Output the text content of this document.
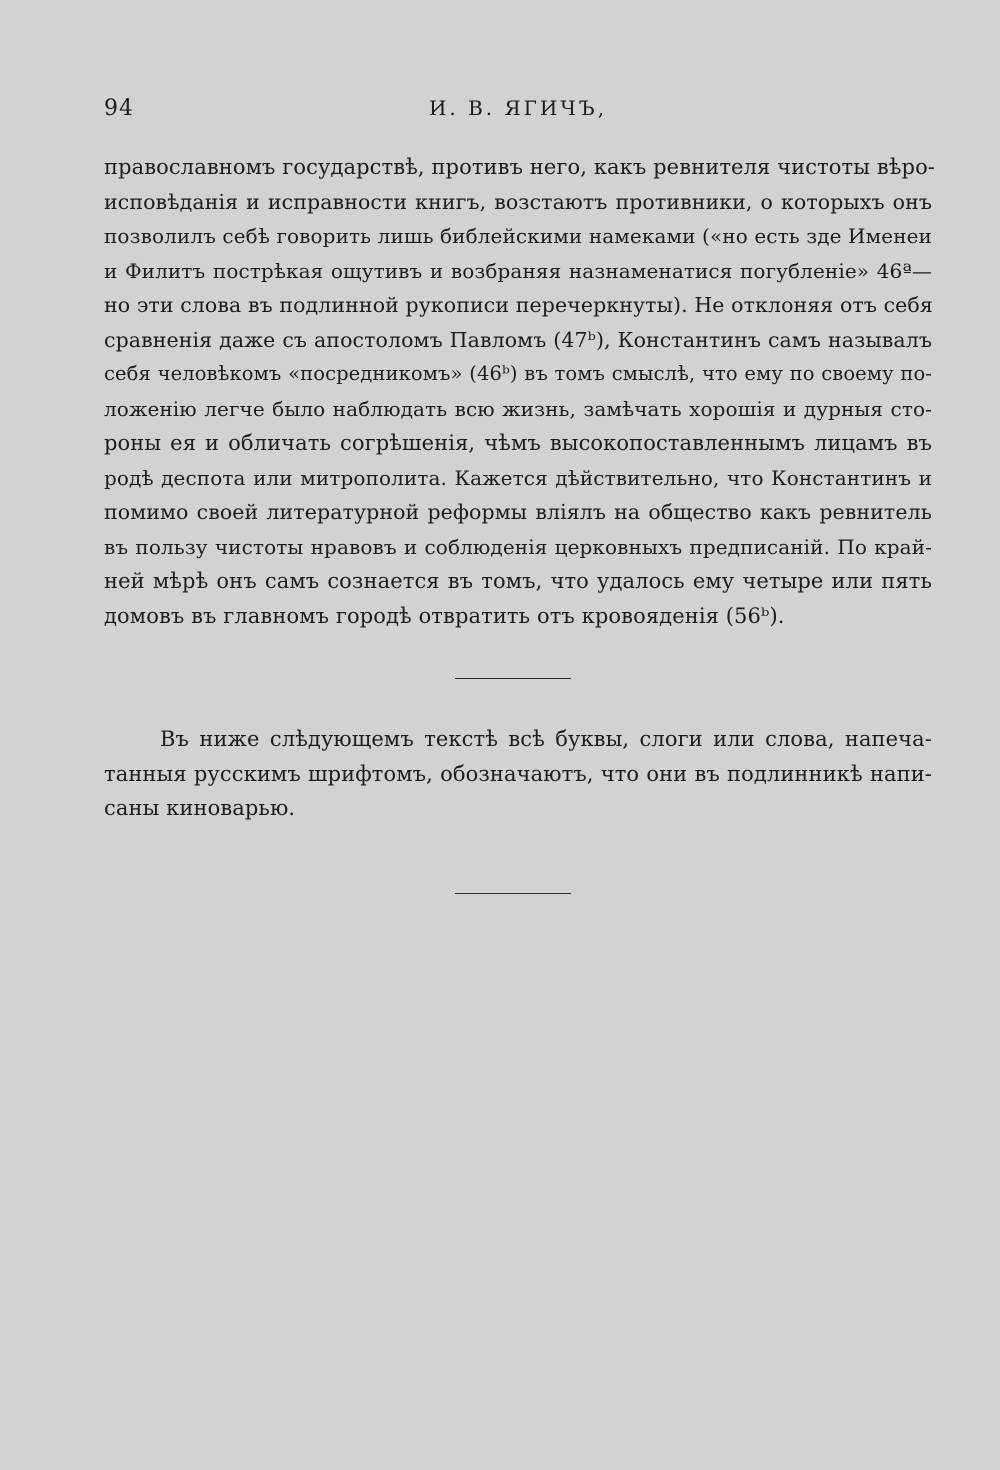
94	И. В. ЯГИЧЪ,
православномъ государствѣ, противъ него, какъ ревнителя чистоты вѣро-
исповѣданія и исправности книгъ, возстаютъ противники, о которыхъ онъ
позволилъ себѣ говорить лишь библейскими намеками («но есть зде Именеи
и Филитъ пострѣкая ощутивъ и возбраняя назнаменатися погубленіе» 46ª—
но эти слова въ подлинной рукописи перечеркнуты). Не отклоняя отъ себя
сравненія даже съ апостоломъ Павломъ (47ᵇ), Константинъ самъ называлъ
себя человѣкомъ «посредникомъ» (46ᵇ) въ томъ смыслѣ, что ему по своему по-
ложенію легче было наблюдать всю жизнь, замѣчать хорошія и дурныя сто-
роны ея и обличать согрѣшенія, чѣмъ высокопоставленнымъ лицамъ въ
родѣ деспота или митрополита. Кажется дѣйствительно, что Константинъ и
помимо своей литературной реформы вліялъ на общество какъ ревнитель
въ пользу чистоты нравовъ и соблюденія церковныхъ предписаній. По край-
ней мѣрѣ онъ самъ сознается въ томъ, что удалось ему четыре или пять
домовъ въ главномъ городѣ отвратить отъ кровояденія (56ᵇ).
Въ ниже слѣдующемъ текстѣ всѣ буквы, слоги или слова, напеча-
танныя русскимъ шрифтомъ, обозначаютъ, что они въ подлинникѣ напи-
саны киноварью.
